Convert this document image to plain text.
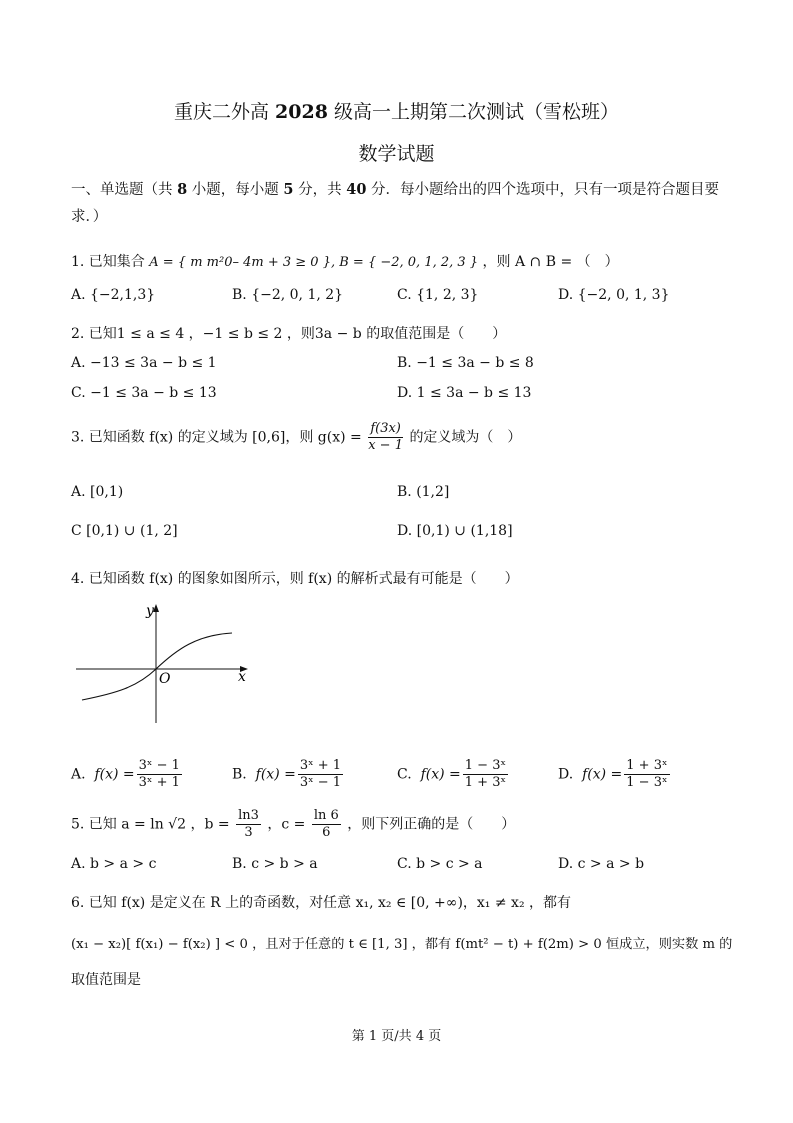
重庆二外高 2028 级高一上期第二次测试（雪松班）
数学试题
一、单选题（共 8 小题，每小题 5 分，共 40 分．每小题给出的四个选项中，只有一项是符合题目要求．）
1. 已知集合 A = { m m²0– 4m + 3 ≥ 0 }, B = { −2, 0, 1, 2, 3 } ，则 A ∩ B = （　）
A. {−2,1,3}	B. {−2, 0, 1, 2}	C. {1, 2, 3}	D. {−2, 0, 1, 3}
2. 已知1 ≤ a ≤ 4 ，−1 ≤ b ≤ 2 ，则3a − b 的取值范围是（　　）
A. −13 ≤ 3a − b ≤ 1	B. −1 ≤ 3a − b ≤ 8
C. −1 ≤ 3a − b ≤ 13	D. 1 ≤ 3a − b ≤ 13
3. 已知函数 f(x) 的定义域为 [0,6]，则 $g(x) = \frac{f(3x)}{x - 1}$ 的定义域为（　）
A. [0,1)	B. (1,2]
C [0,1) ∪ (1, 2]	D. [0,1) ∪ (1,18]
4. 已知函数 f(x) 的图象如图所示，则 f(x) 的解析式最有可能是（　　）
y
x
O
A. $f(x) = \frac{\text{3ˣ − 1}}{\text{3ˣ + 1}}$	B. $f(x) = \frac{\text{3ˣ + 1}}{\text{3ˣ − 1}}$	C. $f(x) = \frac{\text{1 − 3ˣ}}{\text{1 + 3ˣ}}$	D. $f(x) = \frac{\text{1 + 3ˣ}}{\text{1 − 3ˣ}}$
5. 已知 a = ln √2 ，$b = \frac{\ln 3}{3}$ ，$c = \frac{\ln 6}{6}$ ，则下列正确的是（　　）
A. b > a > c	B. c > b > a	C. b > c > a	D. c > a > b
6. 已知 f(x) 是定义在 R 上的奇函数，对任意 x₁, x₂ ∈ [0, +∞)，x₁ ≠ x₂ ，都有
(x₁ − x₂)[ f(x₁) − f(x₂) ] < 0 ，且对于任意的 t ∈ [1, 3] ，都有 f(mt² − t) + f(2m) > 0 恒成立，则实数 m 的
取值范围是
第 1 页/共 4 页
